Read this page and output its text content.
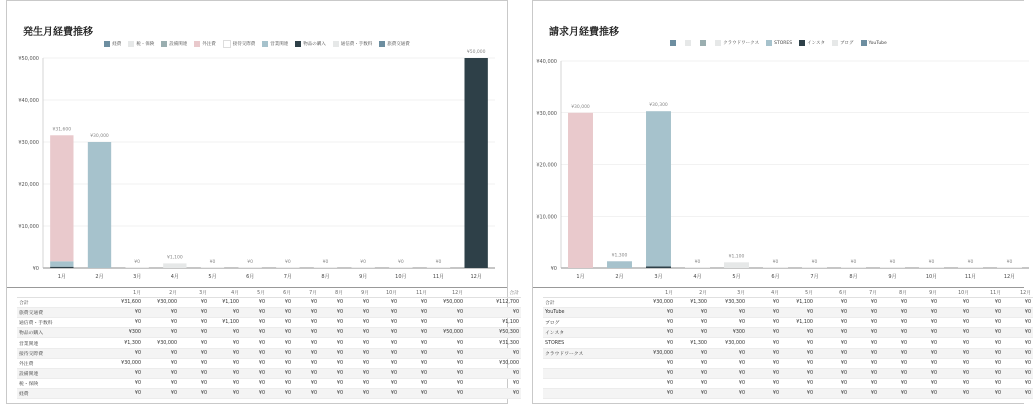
発生月経費推移
経費	税・保険	設備関連	外注費	接待交際費	営業関連	物品の購入	通信費・手数料	旅費交通費
¥0
¥10,000
¥20,000
¥30,000
¥40,000
¥50,000
¥31,600
1月
¥30,000
2月
¥0
3月
¥1,100
4月
¥0
5月
¥0
6月
¥0
7月
¥0
8月
¥0
9月
¥0
10月
¥0
11月
¥50,000
12月
	1月	2月	3月	4月	5月	6月	7月	8月	9月	10月	11月	12月	合計
合計	¥31,600	¥30,000	¥0	¥1,100	¥0	¥0	¥0	¥0	¥0	¥0	¥0	¥50,000	¥112,700
旅費交通費	¥0	¥0	¥0	¥0	¥0	¥0	¥0	¥0	¥0	¥0	¥0	¥0	¥0
通信費・手数料	¥0	¥0	¥0	¥1,100	¥0	¥0	¥0	¥0	¥0	¥0	¥0	¥0	¥1,100
物品の購入	¥300	¥0	¥0	¥0	¥0	¥0	¥0	¥0	¥0	¥0	¥0	¥50,000	¥50,300
営業関連	¥1,300	¥30,000	¥0	¥0	¥0	¥0	¥0	¥0	¥0	¥0	¥0	¥0	¥31,300
接待交際費	¥0	¥0	¥0	¥0	¥0	¥0	¥0	¥0	¥0	¥0	¥0	¥0	¥0
外注費	¥30,000	¥0	¥0	¥0	¥0	¥0	¥0	¥0	¥0	¥0	¥0	¥0	¥30,000
設備関連	¥0	¥0	¥0	¥0	¥0	¥0	¥0	¥0	¥0	¥0	¥0	¥0	¥0
税・保険	¥0	¥0	¥0	¥0	¥0	¥0	¥0	¥0	¥0	¥0	¥0	¥0	¥0
経費	¥0	¥0	¥0	¥0	¥0	¥0	¥0	¥0	¥0	¥0	¥0	¥0	¥0
請求月経費推移
クラウドワークス	STORES	インスタ	ブログ	YouTube
¥0
¥10,000
¥20,000
¥30,000
¥40,000
¥30,000
1月
¥1,300
2月
¥30,300
3月
¥0
4月
¥1,100
5月
¥0
6月
¥0
7月
¥0
8月
¥0
9月
¥0
10月
¥0
11月
¥0
12月
	1月	2月	3月	4月	5月	6月	7月	8月	9月	10月	11月	12月
合計	¥30,000	¥1,300	¥30,300	¥0	¥1,100	¥0	¥0	¥0	¥0	¥0	¥0	¥0
YouTube	¥0	¥0	¥0	¥0	¥0	¥0	¥0	¥0	¥0	¥0	¥0	¥0
ブログ	¥0	¥0	¥0	¥0	¥1,100	¥0	¥0	¥0	¥0	¥0	¥0	¥0
インスタ	¥0	¥0	¥300	¥0	¥0	¥0	¥0	¥0	¥0	¥0	¥0	¥0
STORES	¥0	¥1,300	¥30,000	¥0	¥0	¥0	¥0	¥0	¥0	¥0	¥0	¥0
クラウドワークス	¥30,000	¥0	¥0	¥0	¥0	¥0	¥0	¥0	¥0	¥0	¥0	¥0
	¥0	¥0	¥0	¥0	¥0	¥0	¥0	¥0	¥0	¥0	¥0	¥0
	¥0	¥0	¥0	¥0	¥0	¥0	¥0	¥0	¥0	¥0	¥0	¥0
	¥0	¥0	¥0	¥0	¥0	¥0	¥0	¥0	¥0	¥0	¥0	¥0
	¥0	¥0	¥0	¥0	¥0	¥0	¥0	¥0	¥0	¥0	¥0	¥0
